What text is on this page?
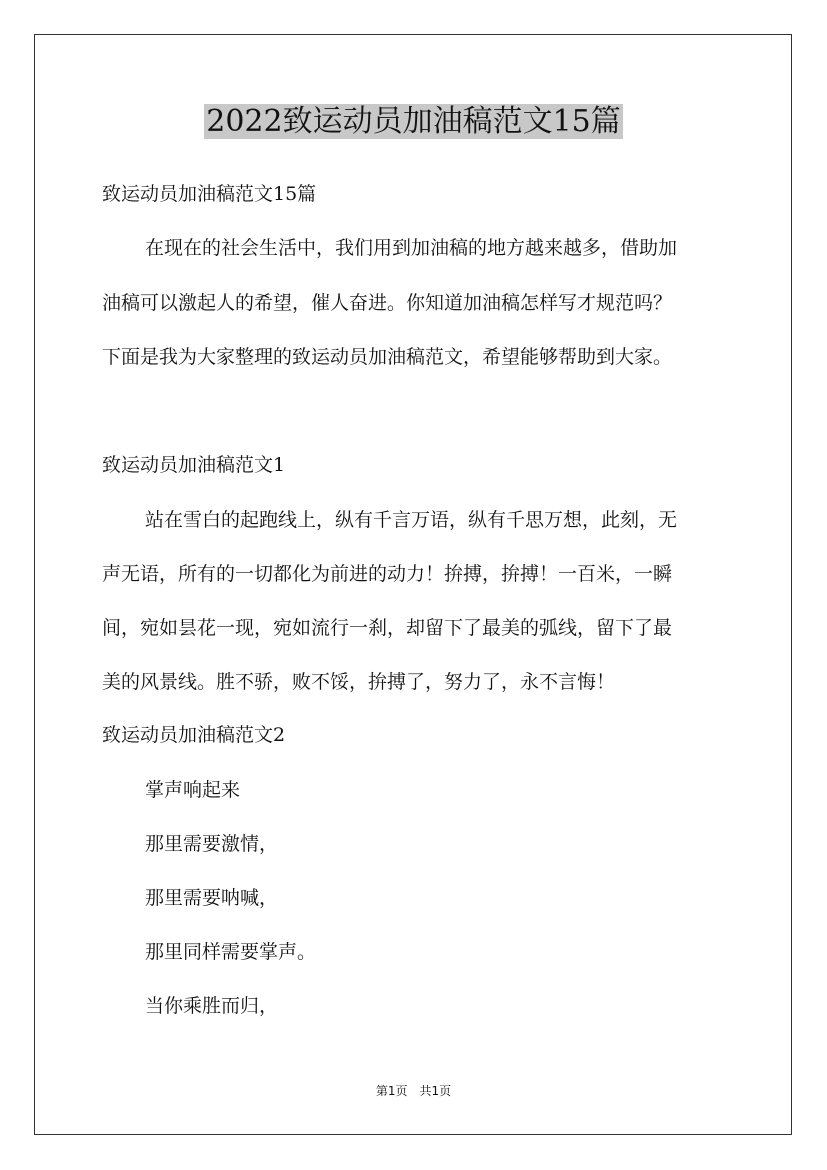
2022致运动员加油稿范文15篇
致运动员加油稿范文15篇
在现在的社会生活中，我们用到加油稿的地方越来越多，借助加
油稿可以激起人的希望，催人奋进。你知道加油稿怎样写才规范吗？
下面是我为大家整理的致运动员加油稿范文，希望能够帮助到大家。
致运动员加油稿范文1
站在雪白的起跑线上，纵有千言万语，纵有千思万想，此刻，无
声无语，所有的一切都化为前进的动力！拚搏，拚搏！一百米，一瞬
间，宛如昙花一现，宛如流行一刹，却留下了最美的弧线，留下了最
美的风景线。胜不骄，败不馁，拚搏了，努力了，永不言悔！
致运动员加油稿范文2
掌声响起来
那里需要激情，
那里需要呐喊，
那里同样需要掌声。
当你乘胜而归，
第1页　共1页
